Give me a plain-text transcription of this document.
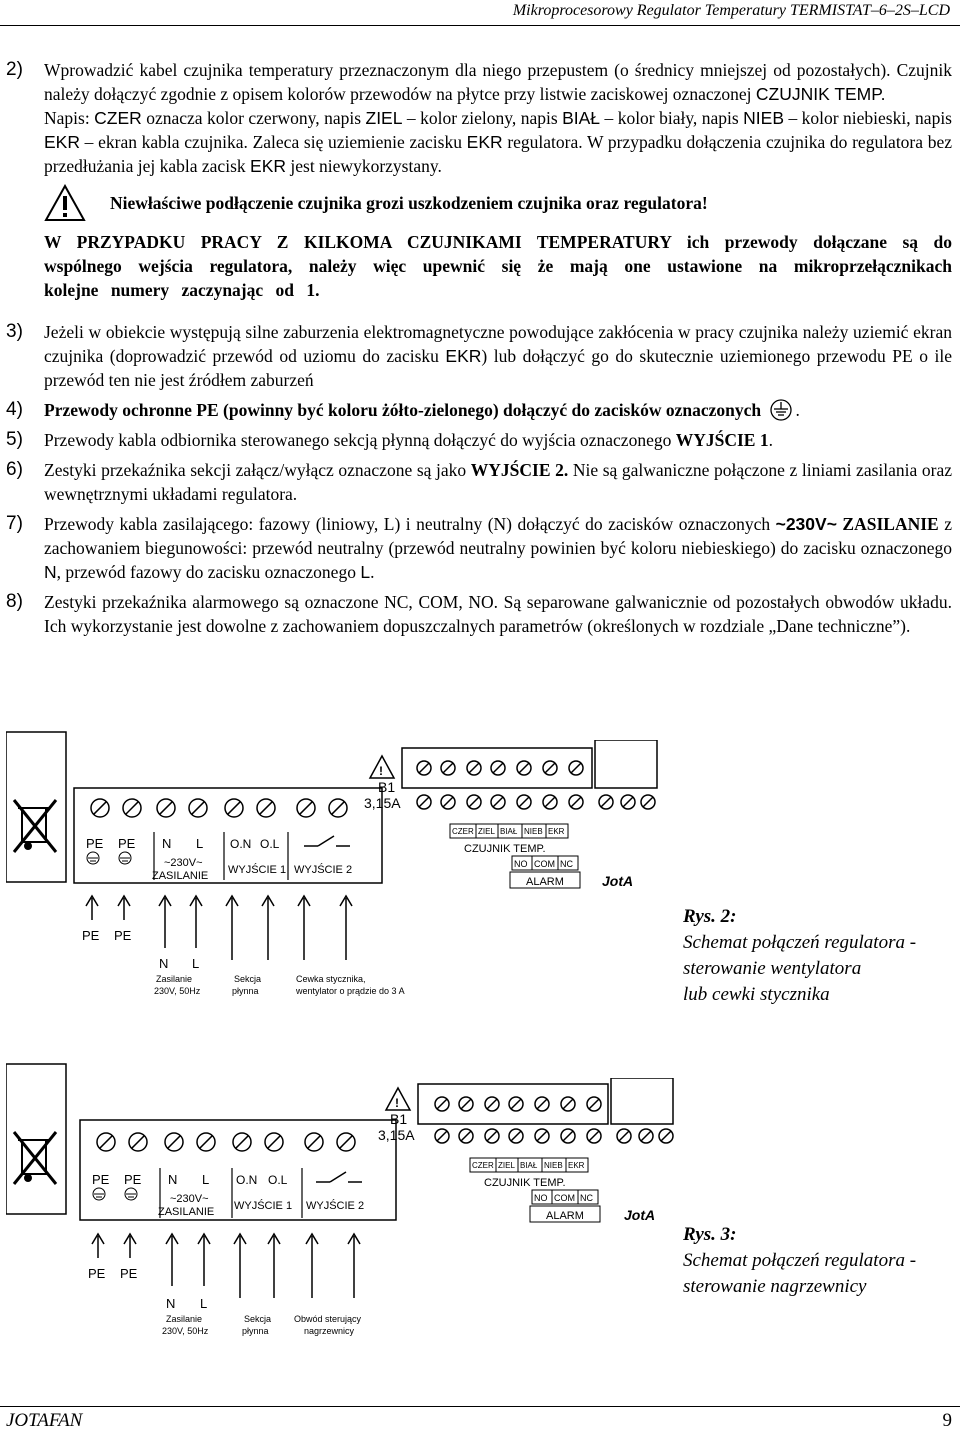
Mikroprocesorowy Regulator Temperatury TERMISTAT–6–2S–LCD
2)	Wprowadzić kabel czujnika temperatury przeznaczonym dla niego przepustem (o średnicy mniejszej od pozostałych). Czujnik należy dołączyć zgodnie z opisem kolorów przewodów na płytce przy listwie zaciskowej oznaczonej CZUJNIK TEMP.

Napis: CZER oznacza kolor czerwony, napis ZIEL – kolor zielony, napis BIAŁ – kolor biały, napis NIEB – kolor niebieski, napis EKR – ekran kabla czujnika. Zaleca się uziemienie zacisku EKR regulatora. W przypadku dołączenia czujnika do regulatora bez przedłużania jej kabla zacisk EKR jest niewykorzystany.

Niewłaściwe podłączenie czujnika grozi uszkodzeniem czujnika oraz regulatora!

W PRZYPADKU PRACY Z KILKOMA CZUJNIKAMI TEMPERATURY ich przewody dołączane są do wspólnego wejścia regulatora, należy więc upewnić się że mają one ustawione na mikroprzełącznikach kolejne numery zaczynając od 1.

3)	Jeżeli w obiekcie występują silne zaburzenia elektromagnetyczne powodujące zakłócenia w pracy czujnika należy uziemić ekran czujnika (doprowadzić przewód od uziomu do zacisku EKR) lub dołączyć go do skutecznie uziemionego przewodu PE o ile przewód ten nie jest źródłem zaburzeń
4)	Przewody ochronne PE (powinny być koloru żółto-zielonego) dołączyć do zacisków oznaczonych .
5)	Przewody kabla odbiornika sterowanego sekcją płynną dołączyć do wyjścia oznaczonego WYJŚCIE 1.
6)	Zestyki przekaźnika sekcji załącz/wyłącz oznaczone są jako WYJŚCIE 2. Nie są galwaniczne połączone z liniami zasilania oraz wewnętrznymi układami regulatora.
7)	Przewody kabla zasilającego: fazowy (liniowy, L) i neutralny (N) dołączyć do zacisków oznaczonych ~230V~ ZASILANIE z zachowaniem biegunowości: przewód neutralny (przewód neutralny powinien być koloru niebieskiego) do zacisku oznaczonego N, przewód fazowy do zacisku oznaczonego L.
8)	Zestyki przekaźnika alarmowego są oznaczone NC, COM, NO. Są separowane galwanicznie od pozostałych obwodów układu. Ich wykorzystanie jest dowolne z zachowaniem dopuszczalnych parametrów (określonych w rozdziale „Dane techniczne”).
PE PE N L O.N O.L
~230V~
ZASILANIE WYJŚCIE 1 WYJŚCIE 2
!
B1
3,15A
PE PE
N L
Zasilanie
230V, 50Hz
Sekcja
płynna
Cewka stycznika,
wentylator o prądzie do 3 A
CZER ZIEL BIAŁ NIEB EKR
CZUJNIK TEMP.
NO COM NC
ALARM	JotA
Rys. 2:
Schemat połączeń regulatora -
sterowanie wentylatora
lub cewki stycznika
PE PE N L O.N O.L
~230V~
ZASILANIE WYJŚCIE 1 WYJŚCIE 2
!
B1
3,15A
PE PE
N L
Zasilanie
230V, 50Hz
Sekcja
płynna
Obwód sterujący
nagrzewnicy
CZER ZIEL BIAŁ NIEB EKR
CZUJNIK TEMP.
NO COM NC
ALARM	JotA
Rys. 3:
Schemat połączeń regulatora -
sterowanie nagrzewnicy
JOTAFAN	9
